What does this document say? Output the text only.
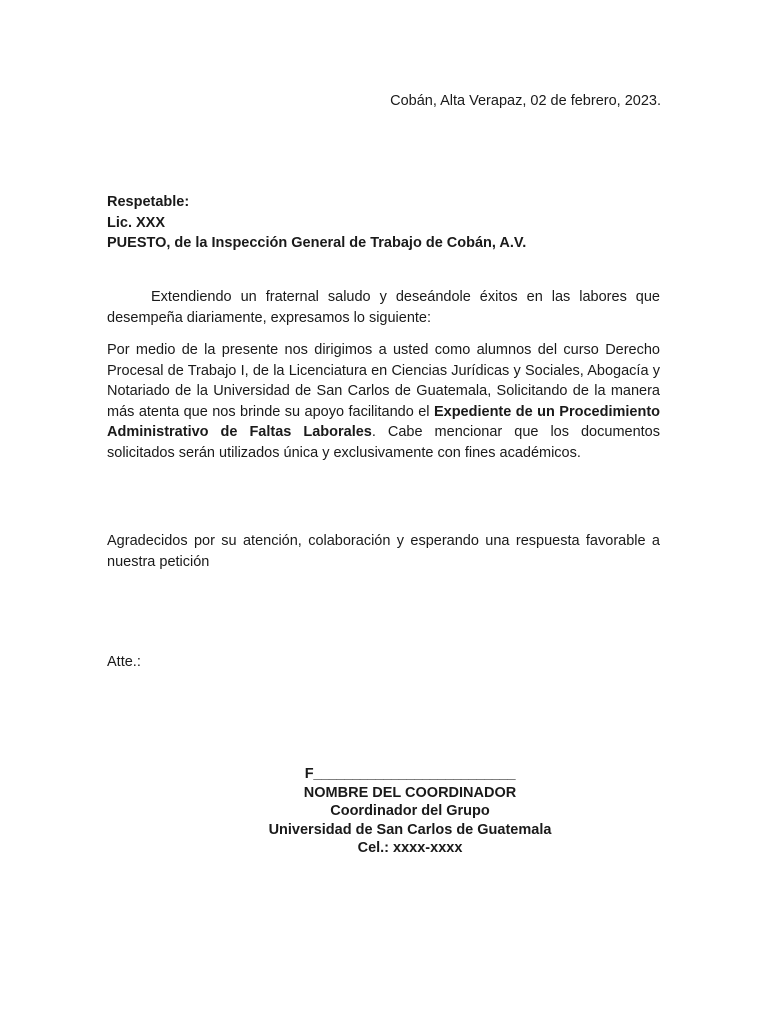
Cobán, Alta Verapaz, 02 de febrero, 2023.
Respetable:
Lic. XXX
PUESTO, de la Inspección General de Trabajo de Cobán, A.V.
Extendiendo un fraternal saludo y deseándole éxitos en las labores que desempeña diariamente, expresamos lo siguiente:
Por medio de la presente nos dirigimos a usted como alumnos del curso Derecho Procesal de Trabajo I, de la Licenciatura en Ciencias Jurídicas y Sociales, Abogacía y Notariado de la Universidad de San Carlos de Guatemala, Solicitando de la manera más atenta que nos brinde su apoyo facilitando el Expediente de un Procedimiento Administrativo de Faltas Laborales. Cabe mencionar que los documentos solicitados serán utilizados única y exclusivamente con fines académicos.
Agradecidos por su atención, colaboración y esperando una respuesta favorable a nuestra petición
Atte.:
F__________________________
NOMBRE DEL COORDINADOR
Coordinador del Grupo
Universidad de San Carlos de Guatemala
Cel.: xxxx-xxxx
